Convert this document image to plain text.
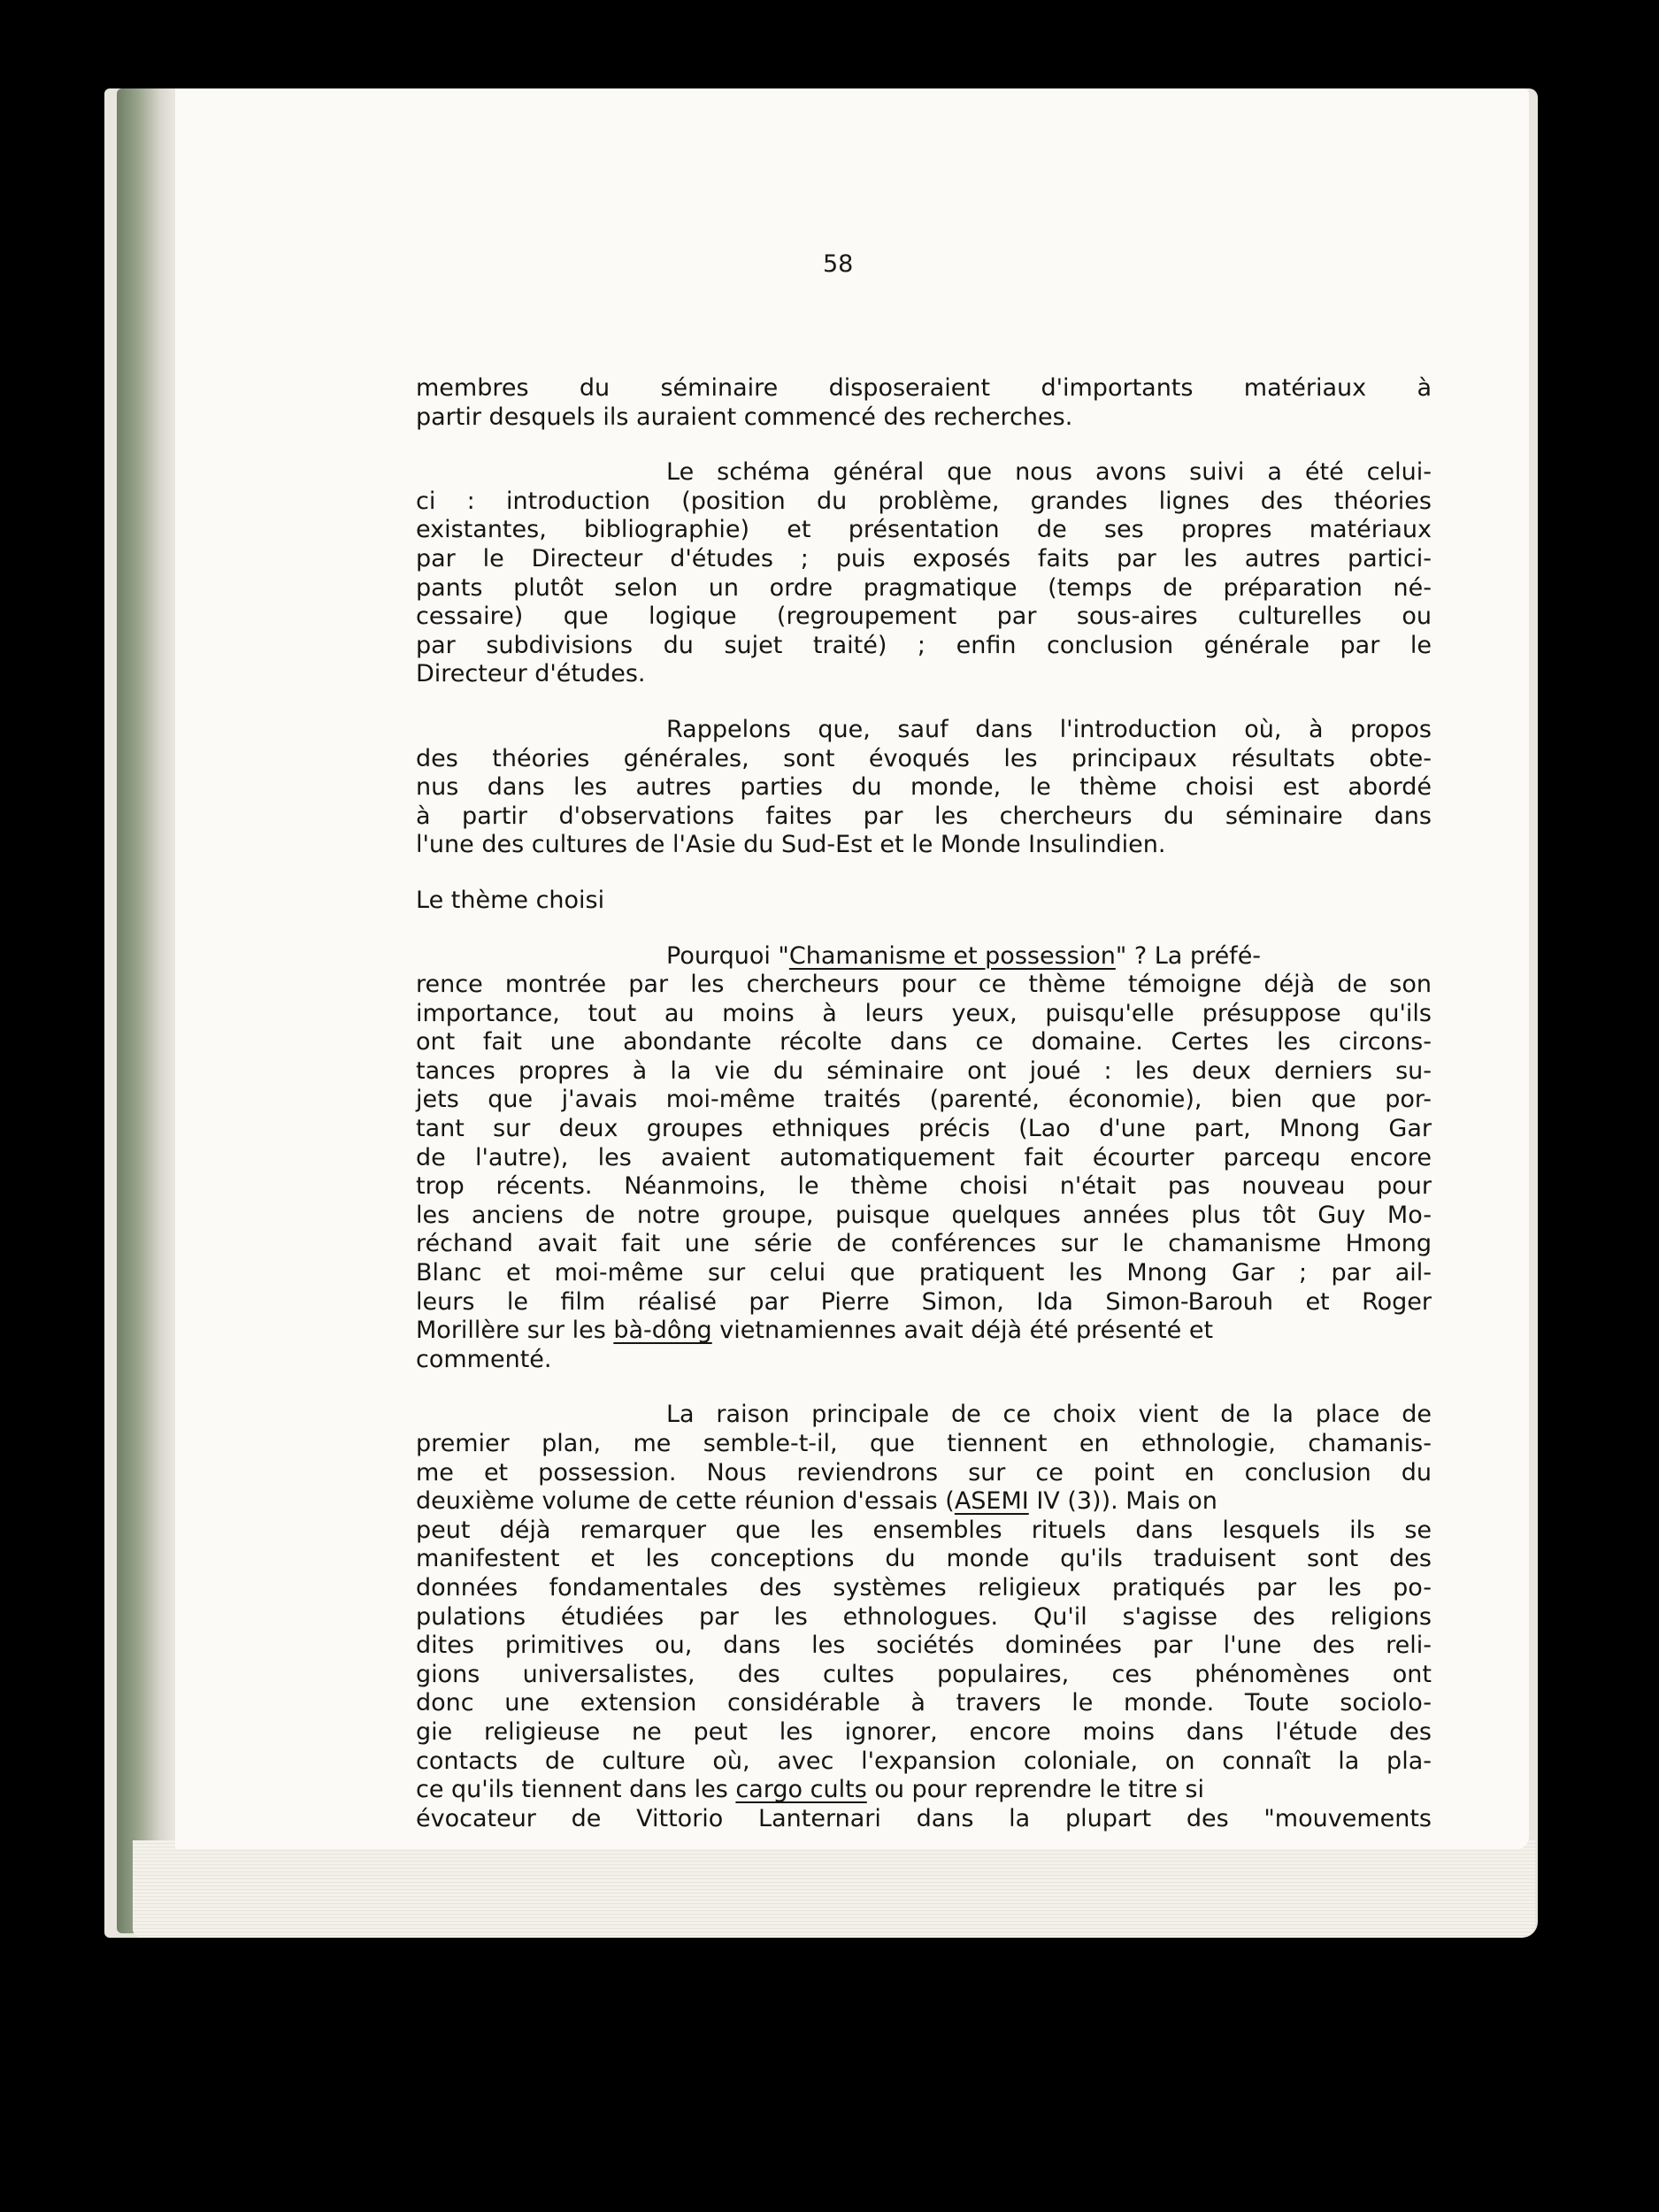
58
membres du séminaire disposeraient d'importants matériaux à
partir desquels ils auraient commencé des recherches.
Le schéma général que nous avons suivi a été celui-
ci : introduction (position du problème, grandes lignes des théories
existantes, bibliographie) et présentation de ses propres matériaux
par le Directeur d'études ; puis exposés faits par les autres partici-
pants plutôt selon un ordre pragmatique (temps de préparation né-
cessaire) que logique (regroupement par sous-aires culturelles ou
par subdivisions du sujet traité) ; enfin conclusion générale par le
Directeur d'études.
Rappelons que, sauf dans l'introduction où, à propos
des théories générales, sont évoqués les principaux résultats obte-
nus dans les autres parties du monde, le thème choisi est abordé
à partir d'observations faites par les chercheurs du séminaire dans
l'une des cultures de l'Asie du Sud-Est et le Monde Insulindien.
Le thème choisi
Pourquoi "Chamanisme et possession" ? La préfé-
rence montrée par les chercheurs pour ce thème témoigne déjà de son
importance, tout au moins à leurs yeux, puisqu'elle présuppose qu'ils
ont fait une abondante récolte dans ce domaine. Certes les circons-
tances propres à la vie du séminaire ont joué : les deux derniers su-
jets que j'avais moi-même traités (parenté, économie), bien que por-
tant sur deux groupes ethniques précis (Lao d'une part, Mnong Gar
de l'autre), les avaient automatiquement fait écourter parcequ encore
trop récents. Néanmoins, le thème choisi n'était pas nouveau pour
les anciens de notre groupe, puisque quelques années plus tôt Guy Mo-
réchand avait fait une série de conférences sur le chamanisme Hmong
Blanc et moi-même sur celui que pratiquent les Mnong Gar ; par ail-
leurs le film réalisé par Pierre Simon, Ida Simon-Barouh et Roger
Morillère sur les bà-dông vietnamiennes avait déjà été présenté et
commenté.
La raison principale de ce choix vient de la place de
premier plan, me semble-t-il, que tiennent en ethnologie, chamanis-
me et possession. Nous reviendrons sur ce point en conclusion du
deuxième volume de cette réunion d'essais (ASEMI IV (3)). Mais on
peut déjà remarquer que les ensembles rituels dans lesquels ils se
manifestent et les conceptions du monde qu'ils traduisent sont des
données fondamentales des systèmes religieux pratiqués par les po-
pulations étudiées par les ethnologues. Qu'il s'agisse des religions
dites primitives ou, dans les sociétés dominées par l'une des reli-
gions universalistes, des cultes populaires, ces phénomènes ont
donc une extension considérable à travers le monde. Toute sociolo-
gie religieuse ne peut les ignorer, encore moins dans l'étude des
contacts de culture où, avec l'expansion coloniale, on connaît la pla-
ce qu'ils tiennent dans les cargo cults ou pour reprendre le titre si
évocateur de Vittorio Lanternari dans la plupart des "mouvements
